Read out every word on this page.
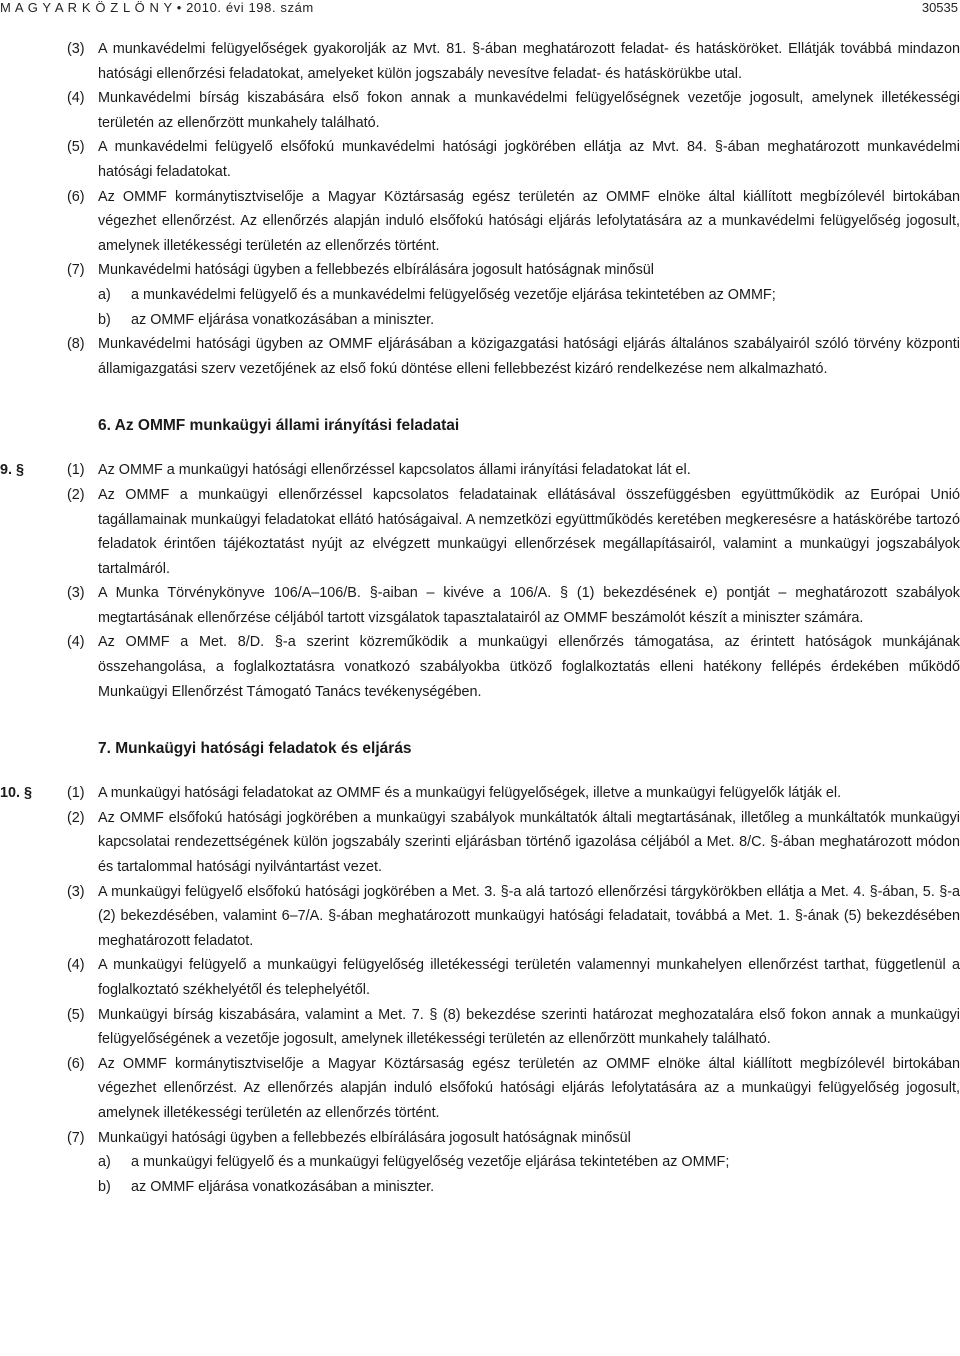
M A G Y A R K Ö Z L Ö N Y • 2010. évi 198. szám	30535
(3) A munkavédelmi felügyelőségek gyakorolják az Mvt. 81. §-ában meghatározott feladat- és hatásköröket. Ellátják továbbá mindazon hatósági ellenőrzési feladatokat, amelyeket külön jogszabály nevesítve feladat- és hatáskörükbe utal.
(4) Munkavédelmi bírság kiszabására első fokon annak a munkavédelmi felügyelőségnek vezetője jogosult, amelynek illetékességi területén az ellenőrzött munkahely található.
(5) A munkavédelmi felügyelő elsőfokú munkavédelmi hatósági jogkörében ellátja az Mvt. 84. §-ában meghatározott munkavédelmi hatósági feladatokat.
(6) Az OMMF kormánytisztviselője a Magyar Köztársaság egész területén az OMMF elnöke által kiállított megbízólevél birtokában végezhet ellenőrzést. Az ellenőrzés alapján induló elsőfokú hatósági eljárás lefolytatására az a munkavédelmi felügyelőség jogosult, amelynek illetékességi területén az ellenőrzés történt.
(7) Munkavédelmi hatósági ügyben a fellebbezés elbírálására jogosult hatóságnak minősül
a) a munkavédelmi felügyelő és a munkavédelmi felügyelőség vezetője eljárása tekintetében az OMMF;
b) az OMMF eljárása vonatkozásában a miniszter.
(8) Munkavédelmi hatósági ügyben az OMMF eljárásában a közigazgatási hatósági eljárás általános szabályairól szóló törvény központi államigazgatási szerv vezetőjének az első fokú döntése elleni fellebbezést kizáró rendelkezése nem alkalmazható.
6. Az OMMF munkaügyi állami irányítási feladatai
9. §	(1) Az OMMF a munkaügyi hatósági ellenőrzéssel kapcsolatos állami irányítási feladatokat lát el.
(2) Az OMMF a munkaügyi ellenőrzéssel kapcsolatos feladatainak ellátásával összefüggésben együttműködik az Európai Unió tagállamainak munkaügyi feladatokat ellátó hatóságaival. A nemzetközi együttműködés keretében megkeresésre a hatáskörébe tartozó feladatok érintően tájékoztatást nyújt az elvégzett munkaügyi ellenőrzések megállapításairól, valamint a munkaügyi jogszabályok tartalmáról.
(3) A Munka Törvénykönyve 106/A–106/B. §-aiban – kivéve a 106/A. § (1) bekezdésének e) pontját – meghatározott szabályok megtartásának ellenőrzése céljából tartott vizsgálatok tapasztalatairól az OMMF beszámolót készít a miniszter számára.
(4) Az OMMF a Met. 8/D. §-a szerint közreműködik a munkaügyi ellenőrzés támogatása, az érintett hatóságok munkájának összehangolása, a foglalkoztatásra vonatkozó szabályokba ütköző foglalkoztatás elleni hatékony fellépés érdekében működő Munkaügyi Ellenőrzést Támogató Tanács tevékenységében.
7. Munkaügyi hatósági feladatok és eljárás
10. § (1) A munkaügyi hatósági feladatokat az OMMF és a munkaügyi felügyelőségek, illetve a munkaügyi felügyelők látják el.
(2) Az OMMF elsőfokú hatósági jogkörében a munkaügyi szabályok munkáltatók általi megtartásának, illetőleg a munkáltatók munkaügyi kapcsolatai rendezettségének külön jogszabály szerinti eljárásban történő igazolása céljából a Met. 8/C. §-ában meghatározott módon és tartalommal hatósági nyilvántartást vezet.
(3) A munkaügyi felügyelő elsőfokú hatósági jogkörében a Met. 3. §-a alá tartozó ellenőrzési tárgykörökben ellátja a Met. 4. §-ában, 5. §-a (2) bekezdésében, valamint 6–7/A. §-ában meghatározott munkaügyi hatósági feladatait, továbbá a Met. 1. §-ának (5) bekezdésében meghatározott feladatot.
(4) A munkaügyi felügyelő a munkaügyi felügyelőség illetékességi területén valamennyi munkahelyen ellenőrzést tarthat, függetlenül a foglalkoztató székhelyétől és telephelyétől.
(5) Munkaügyi bírság kiszabására, valamint a Met. 7. § (8) bekezdése szerinti határozat meghozatalára első fokon annak a munkaügyi felügyelőségének a vezetője jogosult, amelynek illetékességi területén az ellenőrzött munkahely található.
(6) Az OMMF kormánytisztviselője a Magyar Köztársaság egész területén az OMMF elnöke által kiállított megbízólevél birtokában végezhet ellenőrzést. Az ellenőrzés alapján induló elsőfokú hatósági eljárás lefolytatására az a munkaügyi felügyelőség jogosult, amelynek illetékességi területén az ellenőrzés történt.
(7) Munkaügyi hatósági ügyben a fellebbezés elbírálására jogosult hatóságnak minősül
a) a munkaügyi felügyelő és a munkaügyi felügyelőség vezetője eljárása tekintetében az OMMF;
b) az OMMF eljárása vonatkozásában a miniszter.
